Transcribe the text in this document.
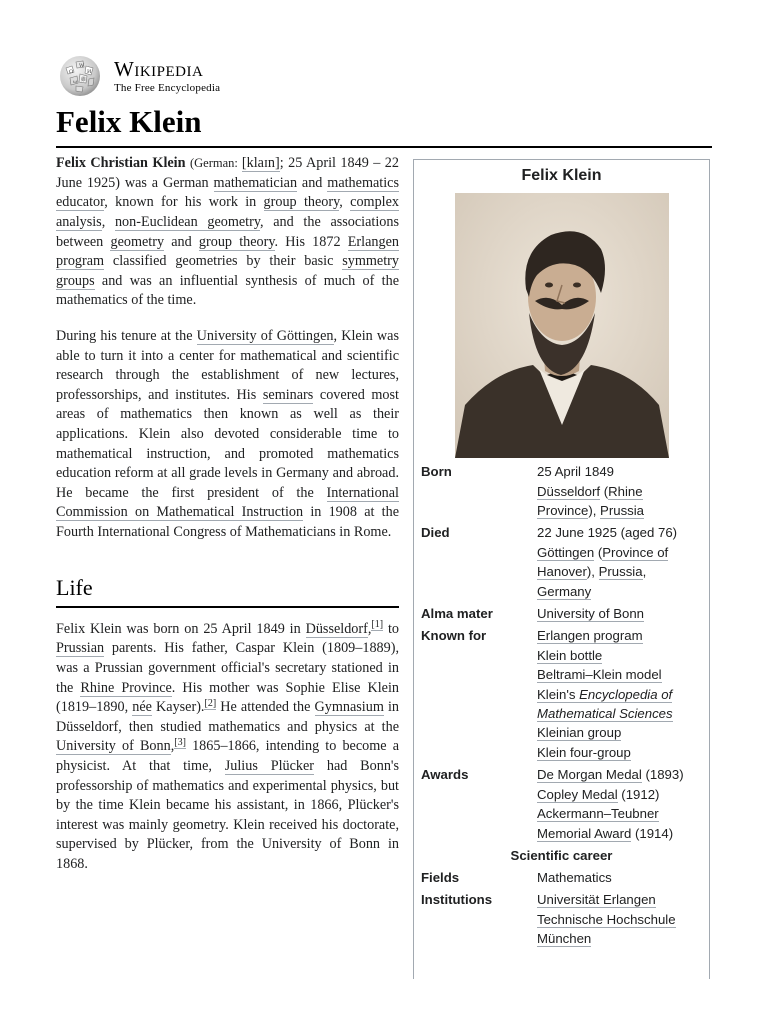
Ω
W
И
ω 維 Wikipedia
The Free Encyclopedia
Felix Klein

Felix Christian Klein (German: [klaɪn]; 25 April 1849 – 22 June 1925) was a German mathematician and mathematics educator, known for his work in group theory, complex analysis, non-Euclidean geometry, and the associations between geometry and group theory. His 1872 Erlangen program classified geometries by their basic symmetry groups and was an influential synthesis of much of the mathematics of the time.

During his tenure at the University of Göttingen, Klein was able to turn it into a center for mathematical and scientific research through the establishment of new lectures, professorships, and institutes. His seminars covered most areas of mathematics then known as well as their applications. Klein also devoted considerable time to mathematical instruction, and promoted mathematics education reform at all grade levels in Germany and abroad. He became the first president of the International Commission on Mathematical Instruction in 1908 at the Fourth International Congress of Mathematicians in Rome.

Life

Felix Klein was born on 25 April 1849 in Düsseldorf,[1] to Prussian parents. His father, Caspar Klein (1809–1889), was a Prussian government official's secretary stationed in the Rhine Province. His mother was Sophie Elise Klein (1819–1890, née Kayser).[2] He attended the Gymnasium in Düsseldorf, then studied mathematics and physics at the University of Bonn,[3] 1865–1866, intending to become a physicist. At that time, Julius Plücker had Bonn's professorship of mathematics and experimental physics, but by the time Klein became his assistant, in 1866, Plücker's interest was mainly geometry. Klein received his doctorate, supervised by Plücker, from the University of Bonn in 1868.

Felix Klein
Born	25 April 1849
Düsseldorf (Rhine Province), Prussia
Died	22 June 1925 (aged 76)
Göttingen (Province of Hanover), Prussia, Germany
Alma mater	University of Bonn
Known for	Erlangen program
Klein bottle
Beltrami–Klein model
Klein's Encyclopedia of Mathematical Sciences
Kleinian group
Klein four-group
Awards	De Morgan Medal (1893)
Copley Medal (1912)
Ackermann–Teubner Memorial Award (1914)
Scientific career
Fields	Mathematics
Institutions	Universität Erlangen
Technische Hochschule München
